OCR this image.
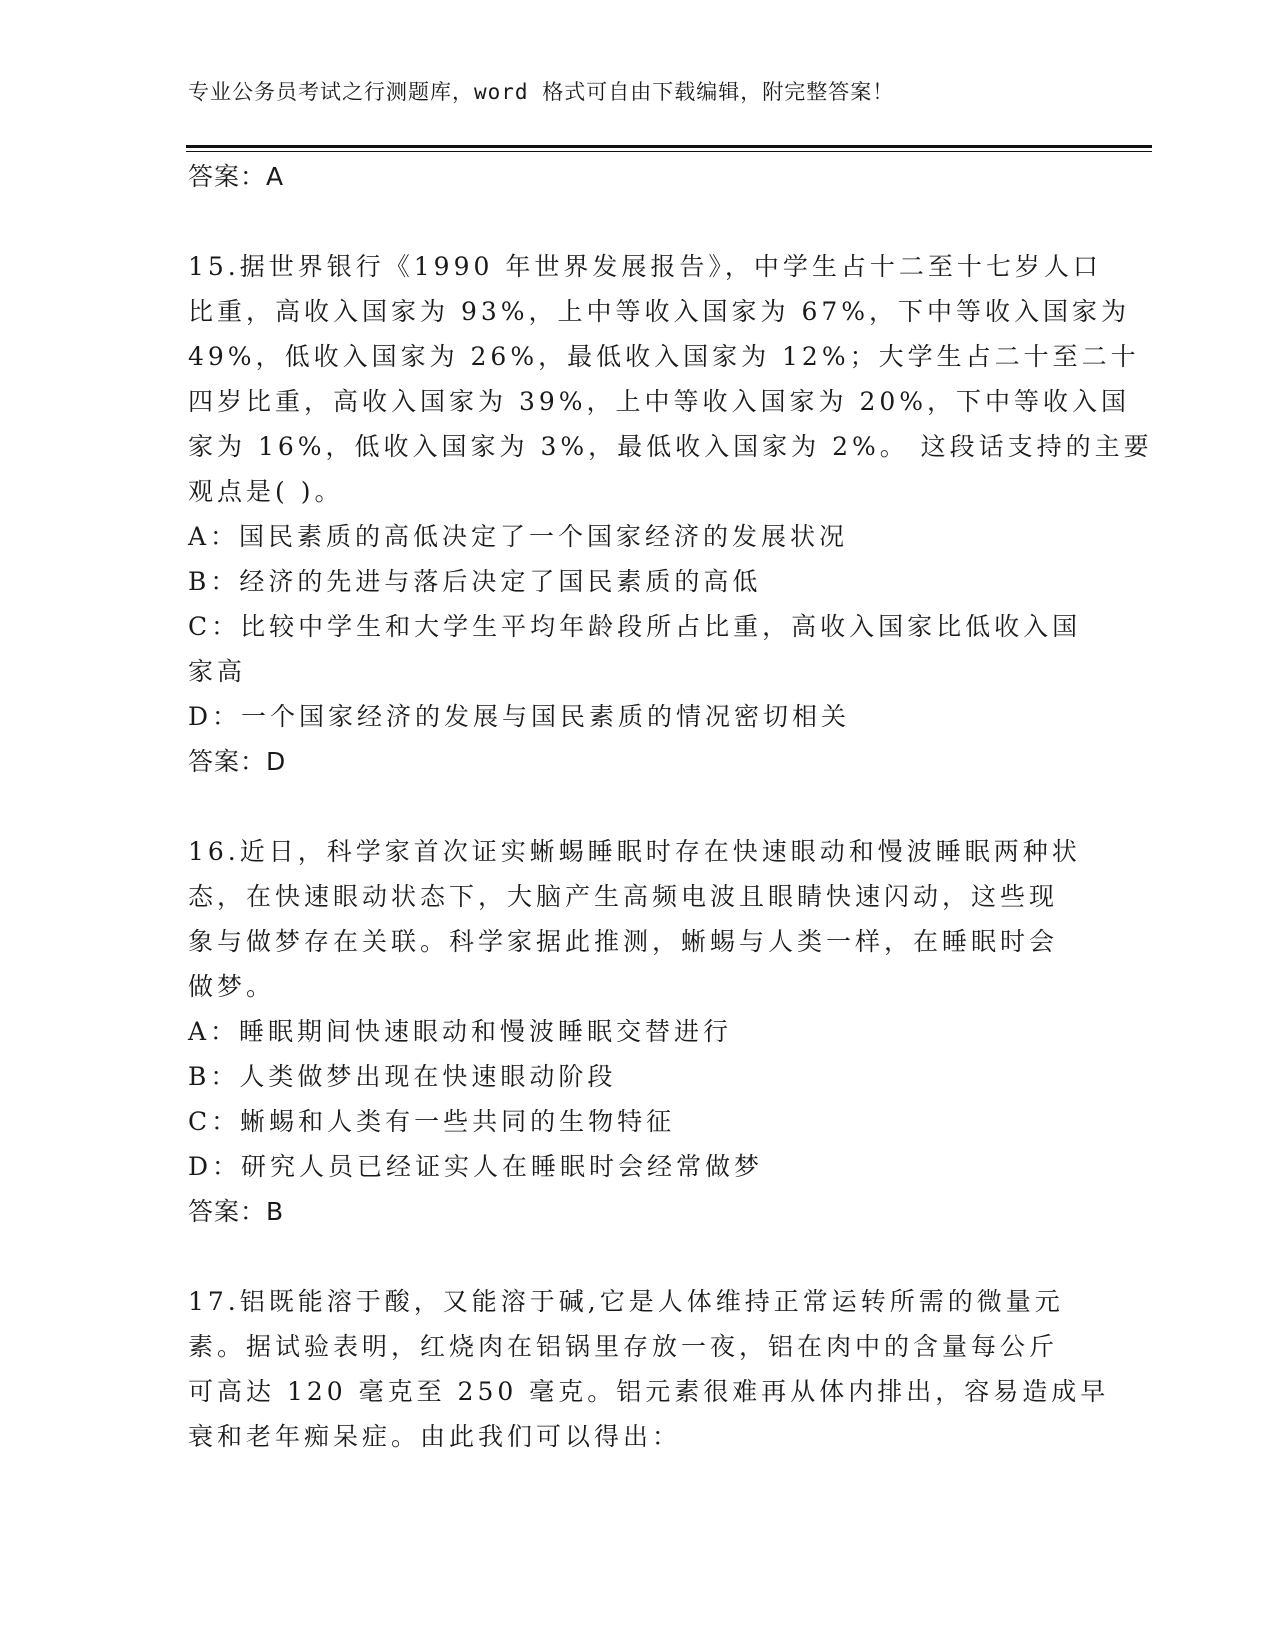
专业公务员考试之行测题库，word 格式可自由下载编辑，附完整答案！
答案：A
15.据世界银行《1990 年世界发展报告》，中学生占十二至十七岁人口
比重，高收入国家为 93%，上中等收入国家为 67%，下中等收入国家为
49%，低收入国家为 26%，最低收入国家为 12%；大学生占二十至二十
四岁比重，高收入国家为 39%，上中等收入国家为 20%，下中等收入国
家为 16%，低收入国家为 3%，最低收入国家为 2%。 这段话支持的主要
观点是( )。
A：国民素质的高低决定了一个国家经济的发展状况
B：经济的先进与落后决定了国民素质的高低
C：比较中学生和大学生平均年龄段所占比重，高收入国家比低收入国
家高
D：一个国家经济的发展与国民素质的情况密切相关
答案：D
16.近日，科学家首次证实蜥蜴睡眠时存在快速眼动和慢波睡眠两种状
态，在快速眼动状态下，大脑产生高频电波且眼睛快速闪动，这些现
象与做梦存在关联。科学家据此推测，蜥蜴与人类一样，在睡眠时会
做梦。
A：睡眠期间快速眼动和慢波睡眠交替进行
B：人类做梦出现在快速眼动阶段
C：蜥蜴和人类有一些共同的生物特征
D：研究人员已经证实人在睡眠时会经常做梦
答案：B
17.铝既能溶于酸，又能溶于碱,它是人体维持正常运转所需的微量元
素。据试验表明，红烧肉在铝锅里存放一夜，铝在肉中的含量每公斤
可高达 120 毫克至 250 毫克。铝元素很难再从体内排出，容易造成早
衰和老年痴呆症。由此我们可以得出：
